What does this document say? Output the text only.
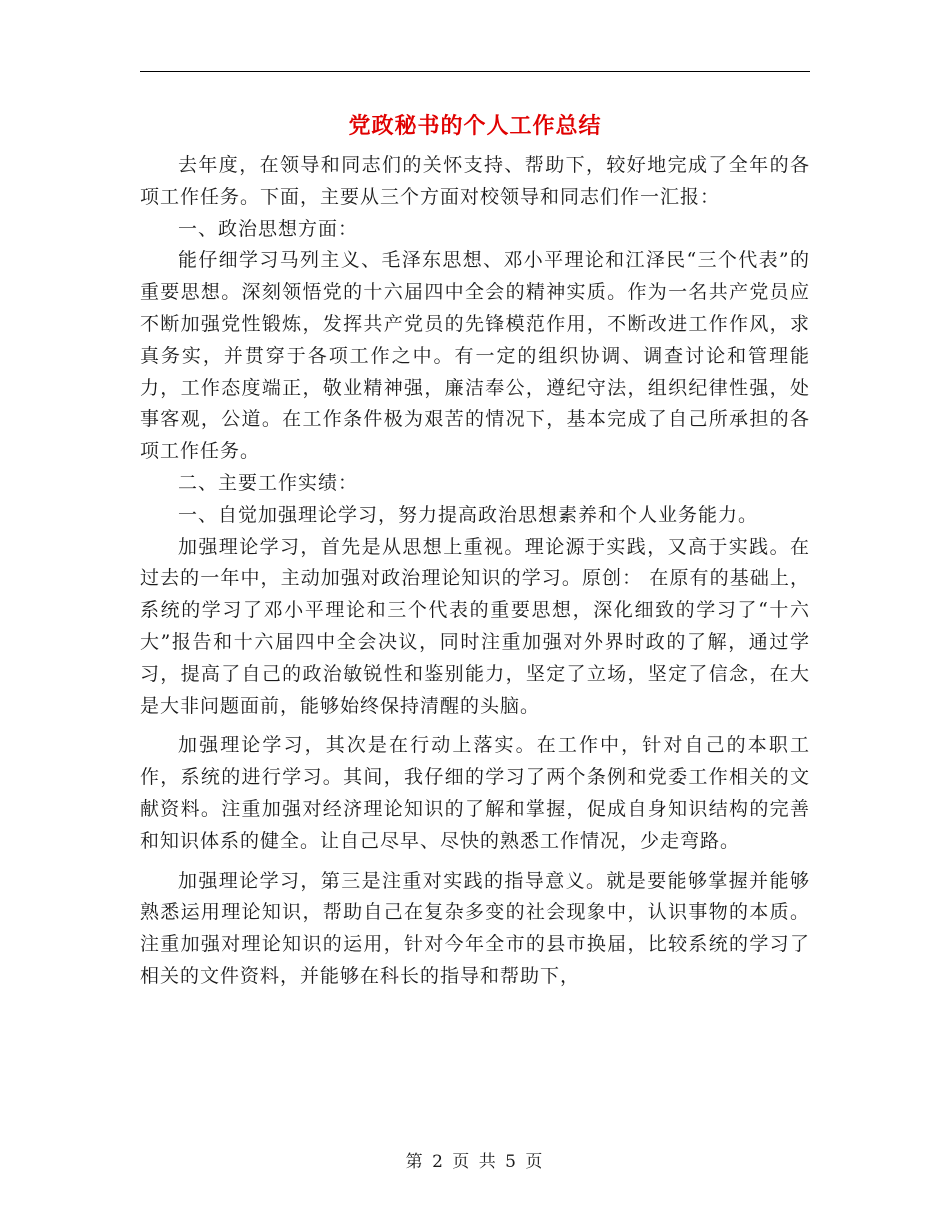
党政秘书的个人工作总结

去年度，在领导和同志们的关怀支持、帮助下，较好地完成了全年的各项工作任务。下面，主要从三个方面对校领导和同志们作一汇报：

一、政治思想方面：

能仔细学习马列主义、毛泽东思想、邓小平理论和江泽民“三个代表”的重要思想。深刻领悟党的十六届四中全会的精神实质。作为一名共产党员应不断加强党性锻炼，发挥共产党员的先锋模范作用，不断改进工作作风，求真务实，并贯穿于各项工作之中。有一定的组织协调、调查讨论和管理能力，工作态度端正，敬业精神强，廉洁奉公，遵纪守法，组织纪律性强，处事客观，公道。在工作条件极为艰苦的情况下，基本完成了自己所承担的各项工作任务。

二、主要工作实绩：

一、自觉加强理论学习，努力提高政治思想素养和个人业务能力。

加强理论学习，首先是从思想上重视。理论源于实践，又高于实践。在过去的一年中，主动加强对政治理论知识的学习。原创： 在原有的基础上，系统的学习了邓小平理论和三个代表的重要思想，深化细致的学习了“十六大”报告和十六届四中全会决议，同时注重加强对外界时政的了解，通过学习，提高了自己的政治敏锐性和鉴别能力，坚定了立场，坚定了信念，在大是大非问题面前，能够始终保持清醒的头脑。

加强理论学习，其次是在行动上落实。在工作中，针对自己的本职工作，系统的进行学习。其间，我仔细的学习了两个条例和党委工作相关的文献资料。注重加强对经济理论知识的了解和掌握，促成自身知识结构的完善和知识体系的健全。让自己尽早、尽快的熟悉工作情况，少走弯路。

加强理论学习，第三是注重对实践的指导意义。就是要能够掌握并能够熟悉运用理论知识，帮助自己在复杂多变的社会现象中，认识事物的本质。注重加强对理论知识的运用，针对今年全市的县市换届，比较系统的学习了相关的文件资料，并能够在科长的指导和帮助下，

第 2 页 共 5 页
